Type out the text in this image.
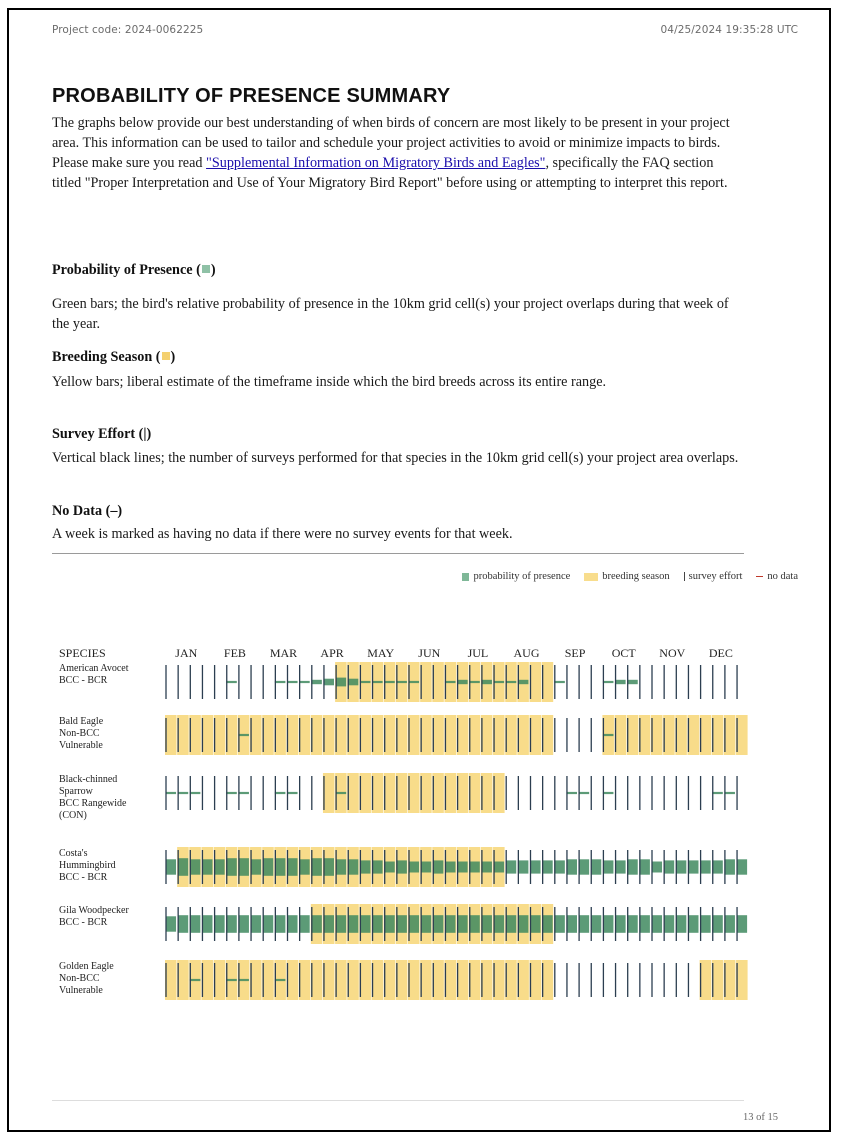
Project code: 2024-0062225	04/25/2024 19:35:28 UTC
PROBABILITY OF PRESENCE SUMMARY
The graphs below provide our best understanding of when birds of concern are most likely to be present in your project area. This information can be used to tailor and schedule your project activities to avoid or minimize impacts to birds. Please make sure you read "Supplemental Information on Migratory Birds and Eagles", specifically the FAQ section titled "Proper Interpretation and Use of Your Migratory Bird Report" before using or attempting to interpret this report.
Probability of Presence ( )
Green bars; the bird's relative probability of presence in the 10km grid cell(s) your project overlaps during that week of the year.
Breeding Season ( )
Yellow bars; liberal estimate of the timeframe inside which the bird breeds across its entire range.
Survey Effort (|)
Vertical black lines; the number of surveys performed for that species in the 10km grid cell(s) your project area overlaps.
No Data (–)
A week is marked as having no data if there were no survey events for that week.
probability of presence	breeding season survey effort no data
SPECIES	JAN FEB MAR APR MAY JUN JUL AUG SEP OCT NOV DEC
American Avocet BCC - BCR
Bald Eagle Non-BCC Vulnerable
Black-chinned Sparrow BCC Rangewide (CON)
Costa's Hummingbird BCC - BCR
Gila Woodpecker BCC - BCR
Golden Eagle Non-BCC Vulnerable
13 of 15
